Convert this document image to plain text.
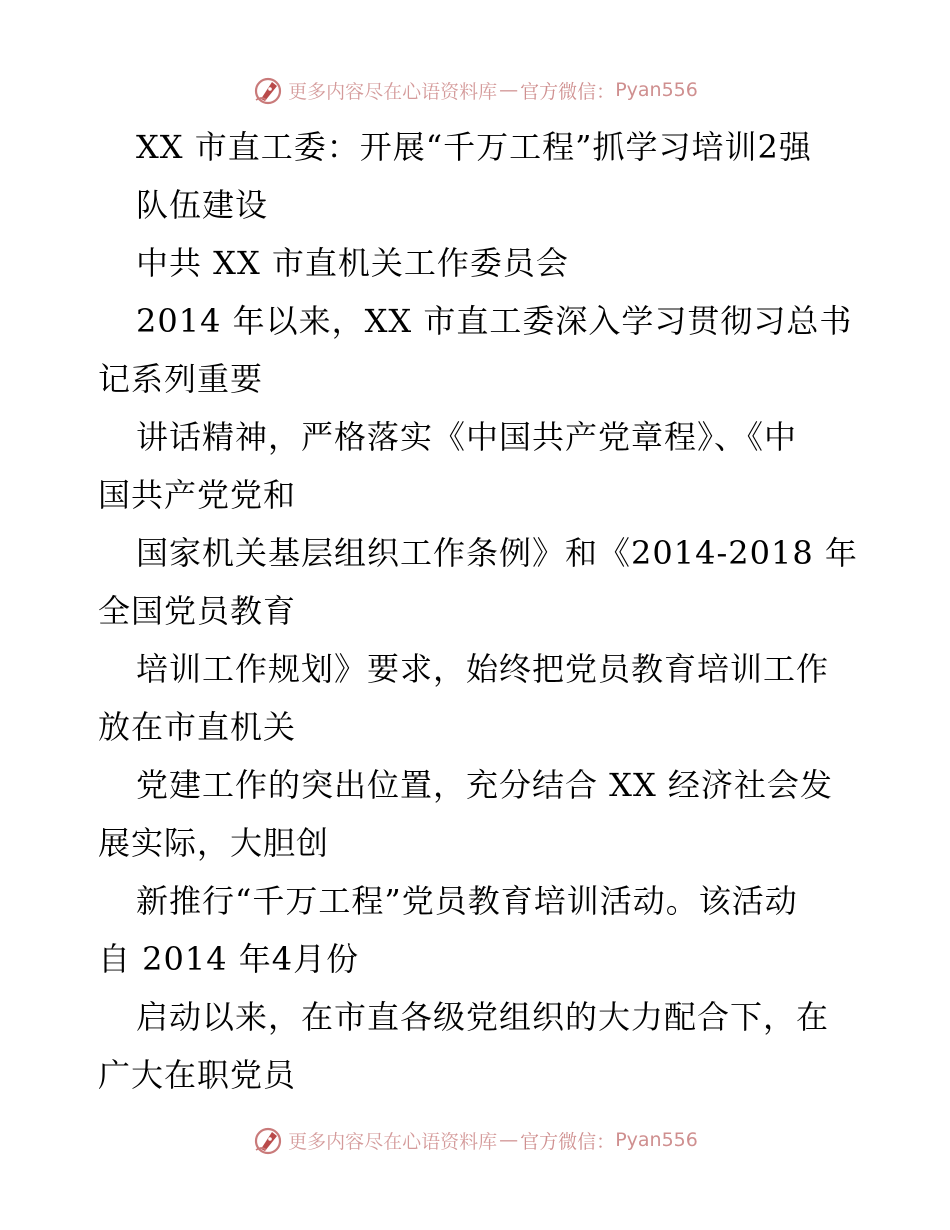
更多内容尽在心语资料库 — 官方微信： Pyan556
XX 市直工委：开展“千万工程”抓学习培训2强
队伍建设
中共 XX 市直机关工作委员会
2014 年以来，XX 市直工委深入学习贯彻习总书
记系列重要
讲话精神，严格落实《中国共产党章程》、《中
国共产党党和
国家机关基层组织工作条例》和《2014-2018 年
全国党员教育
培训工作规划》要求，始终把党员教育培训工作
放在市直机关
党建工作的突出位置，充分结合 XX 经济社会发
展实际，大胆创
新推行“千万工程”党员教育培训活动。该活动
自 2014 年4月份
启动以来，在市直各级党组织的大力配合下，在
广大在职党员
更多内容尽在心语资料库 — 官方微信： Pyan556
